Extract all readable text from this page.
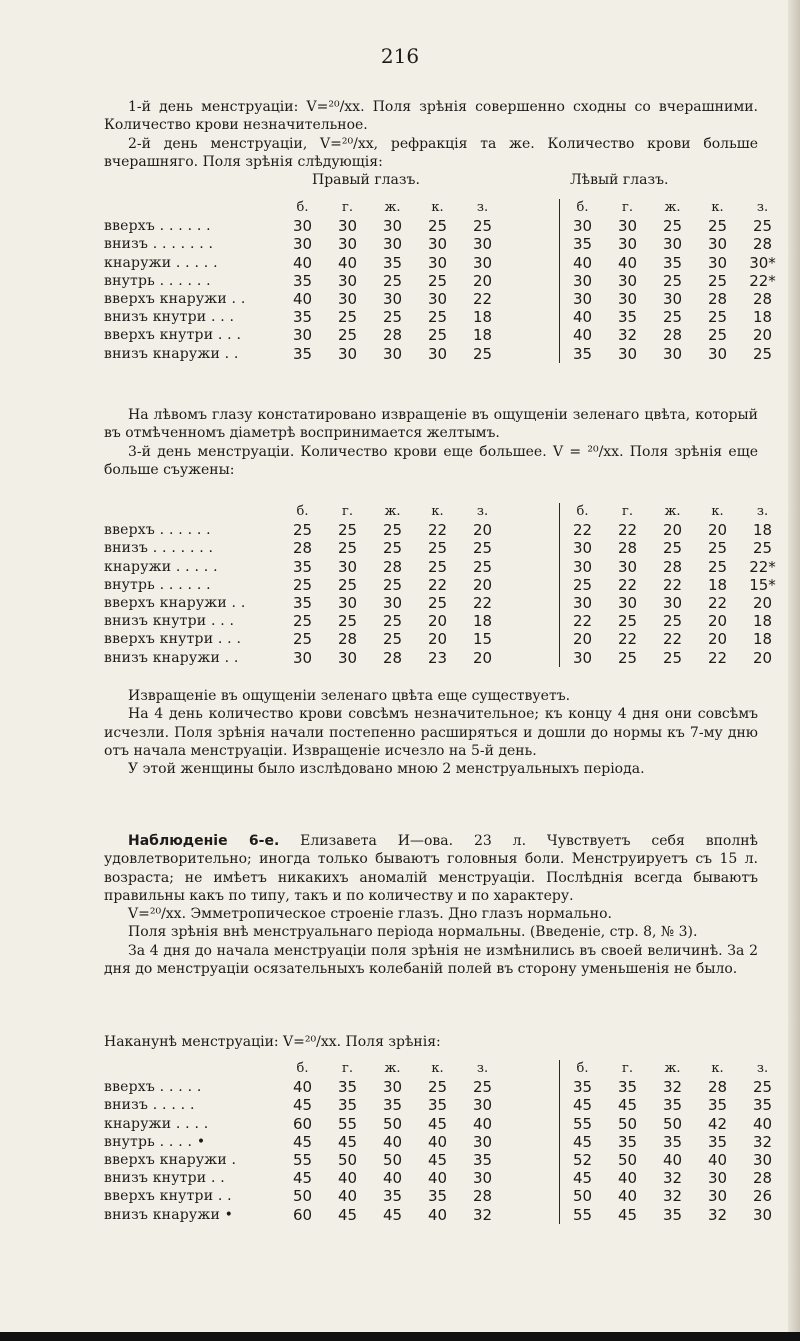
216

1-й день менструаціи: V=²⁰/xx. Поля зрѣнія совершенно сходны со вчерашними. Количество крови незначительное.

2-й день менструаціи, V=²⁰/xx, рефракція та же. Количество крови больше вчерашняго. Поля зрѣнія слѣдующія:

Правый глазъ.	Лѣвый глазъ.
	б.	г.	ж.	к.	з.		б.	г.	ж.	к.	з.
вверхъ . . . . . .	30	30	30	25	25		30	30	25	25	25
внизъ . . . . . . .	30	30	30	30	30		35	30	30	30	28
кнаружи . . . . .	40	40	35	30	30		40	40	35	30	30*
внутрь . . . . . .	35	30	25	25	20		30	30	25	25	22*
вверхъ кнаружи . .	40	30	30	30	22		30	30	30	28	28
внизъ кнутри . . .	35	25	25	25	18		40	35	25	25	18
вверхъ кнутри . . .	30	25	28	25	18		40	32	28	25	20
внизъ кнаружи . .	35	30	30	30	25		35	30	30	30	25

На лѣвомъ глазу констатировано извращеніе въ ощущеніи зеленаго цвѣта, который въ отмѣченномъ діаметрѣ воспринимается желтымъ.

3-й день менструаціи. Количество крови еще большее. V = ²⁰/xx. Поля зрѣнія еще больше съужены:

	б.	г.	ж.	к.	з.		б.	г.	ж.	к.	з.
вверхъ . . . . . .	25	25	25	22	20		22	22	20	20	18
внизъ . . . . . . .	28	25	25	25	25		30	28	25	25	25
кнаружи . . . . .	35	30	28	25	25		30	30	28	25	22*
внутрь . . . . . .	25	25	25	22	20		25	22	22	18	15*
вверхъ кнаружи . .	35	30	30	25	22		30	30	30	22	20
внизъ кнутри . . .	25	25	25	20	18		22	25	25	20	18
вверхъ кнутри . . .	25	28	25	20	15		20	22	22	20	18
внизъ кнаружи . .	30	30	28	23	20		30	25	25	22	20

Извращеніе въ ощущеніи зеленаго цвѣта еще существуетъ.

На 4 день количество крови совсѣмъ незначительное; къ концу 4 дня они совсѣмъ исчезли. Поля зрѣнія начали постепенно расширяться и дошли до нормы къ 7-му дню отъ начала менструаціи. Извращеніе исчезло на 5-й день.

У этой женщины было изслѣдовано мною 2 менструальныхъ періода.

Наблюденіе 6-е. Елизавета И—ова. 23 л. Чувствуетъ себя вполнѣ удовлетворительно; иногда только бываютъ головныя боли. Менструируетъ съ 15 л. возраста; не имѣетъ никакихъ аномалій менструаціи. Послѣднія всегда бываютъ правильны какъ по типу, такъ и по количеству и по характеру.

V=²⁰/xx. Эмметропическое строеніе глазъ. Дно глазъ нормально.

Поля зрѣнія внѣ менструальнаго періода нормальны. (Введеніе, стр. 8, № 3).

За 4 дня до начала менструаціи поля зрѣнія не измѣнились въ своей величинѣ. За 2 дня до менструаціи осязательныхъ колебаній полей въ сторону уменьшенія не было.

Наканунѣ менструаціи: V=²⁰/xx. Поля зрѣнія:

	б.	г.	ж.	к.	з.		б.	г.	ж.	к.	з.
вверхъ . . . . .	40	35	30	25	25		35	35	32	28	25
внизъ . . . . .	45	35	35	35	30		45	45	35	35	35
кнаружи . . . .	60	55	50	45	40		55	50	50	42	40
внутрь . . . . •	45	45	40	40	30		45	35	35	35	32
вверхъ кнаружи .	55	50	50	45	35		52	50	40	40	30
внизъ кнутри . .	45	40	40	40	30		45	40	32	30	28
вверхъ кнутри . .	50	40	35	35	28		50	40	32	30	26
внизъ кнаружи •	60	45	45	40	32		55	45	35	32	30
